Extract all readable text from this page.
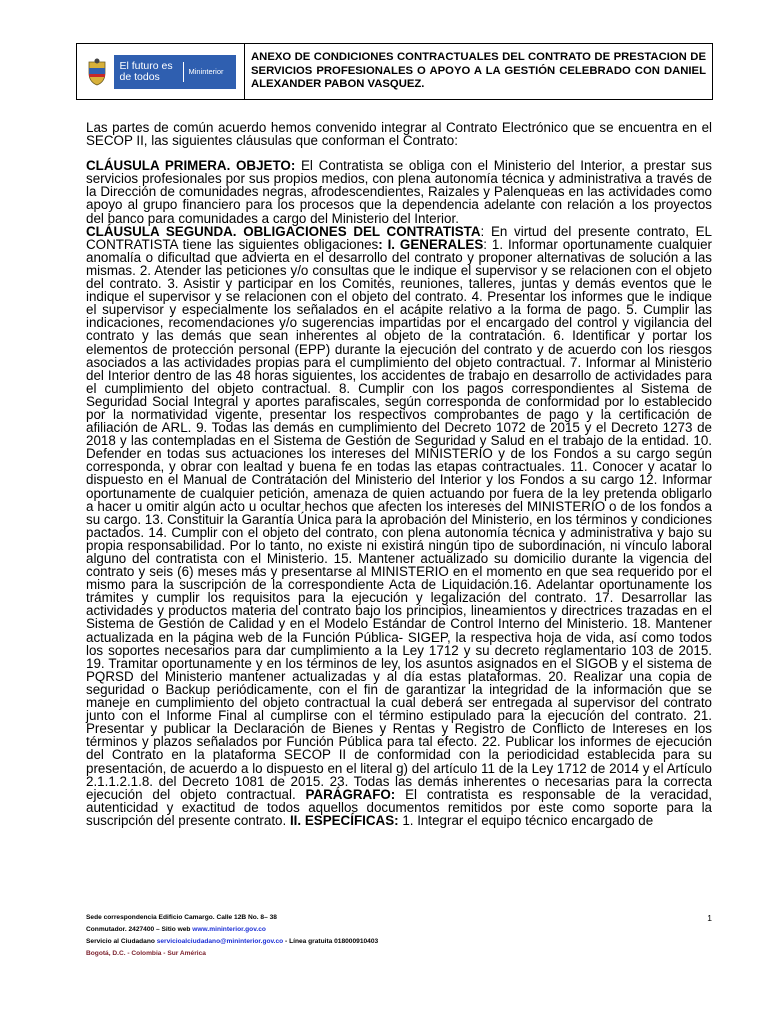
El futuro es de todos	Mininterior
ANEXO DE CONDICIONES CONTRACTUALES DEL CONTRATO DE PRESTACION DE SERVICIOS PROFESIONALES O APOYO A LA GESTIÓN CELEBRADO CON DANIEL ALEXANDER PABON VASQUEZ.

Las partes de común acuerdo hemos convenido integrar al Contrato Electrónico que se encuentra en el SECOP II, las siguientes cláusulas que conforman el Contrato:

CLÁUSULA PRIMERA. OBJETO: El Contratista se obliga con el Ministerio del Interior, a prestar sus servicios profesionales por sus propios medios, con plena autonomía técnica y administrativa a través de la Dirección de comunidades negras, afrodescendientes, Raizales y Palenqueas en las actividades como apoyo al grupo financiero para los procesos que la dependencia adelante con relación a los proyectos del banco para comunidades a cargo del Ministerio del Interior.

CLÁUSULA SEGUNDA. OBLIGACIONES DEL CONTRATISTA: En virtud del presente contrato, EL CONTRATISTA tiene las siguientes obligaciones: I. GENERALES: 1. Informar oportunamente cualquier anomalía o dificultad que advierta en el desarrollo del contrato y proponer alternativas de solución a las mismas. 2. Atender las peticiones y/o consultas que le indique el supervisor y se relacionen con el objeto del contrato. 3. Asistir y participar en los Comités, reuniones, talleres, juntas y demás eventos que le indique el supervisor y se relacionen con el objeto del contrato. 4. Presentar los informes que le indique el supervisor y especialmente los señalados en el acápite relativo a la forma de pago. 5. Cumplir las indicaciones, recomendaciones y/o sugerencias impartidas por el encargado del control y vigilancia del contrato y las demás que sean inherentes al objeto de la contratación. 6. Identificar y portar los elementos de protección personal (EPP) durante la ejecución del contrato y de acuerdo con los riesgos asociados a las actividades propias para el cumplimiento del objeto contractual. 7. Informar al Ministerio del Interior dentro de las 48 horas siguientes, los accidentes de trabajo en desarrollo de actividades para el cumplimiento del objeto contractual. 8. Cumplir con los pagos correspondientes al Sistema de Seguridad Social Integral y aportes parafiscales, según corresponda de conformidad por lo establecido por la normatividad vigente, presentar los respectivos comprobantes de pago y la certificación de afiliación de ARL. 9. Todas las demás en cumplimiento del Decreto 1072 de 2015 y el Decreto 1273 de 2018 y las contempladas en el Sistema de Gestión de Seguridad y Salud en el trabajo de la entidad. 10. Defender en todas sus actuaciones los intereses del MINISTERIO y de los Fondos a su cargo según corresponda, y obrar con lealtad y buena fe en todas las etapas contractuales. 11. Conocer y acatar lo dispuesto en el Manual de Contratación del Ministerio del Interior y los Fondos a su cargo 12. Informar oportunamente de cualquier petición, amenaza de quien actuando por fuera de la ley pretenda obligarlo a hacer u omitir algún acto u ocultar hechos que afecten los intereses del MINISTERIO o de los fondos a su cargo. 13. Constituir la Garantía Única para la aprobación del Ministerio, en los términos y condiciones pactados. 14. Cumplir con el objeto del contrato, con plena autonomía técnica y administrativa y bajo su propia responsabilidad. Por lo tanto, no existe ni existirá ningún tipo de subordinación, ni vínculo laboral alguno del contratista con el Ministerio. 15. Mantener actualizado su domicilio durante la vigencia del contrato y seis (6) meses más y presentarse al MINISTERIO en el momento en que sea requerido por el mismo para la suscripción de la correspondiente Acta de Liquidación.16. Adelantar oportunamente los trámites y cumplir los requisitos para la ejecución y legalización del contrato. 17. Desarrollar las actividades y productos materia del contrato bajo los principios, lineamientos y directrices trazadas en el Sistema de Gestión de Calidad y en el Modelo Estándar de Control Interno del Ministerio. 18. Mantener actualizada en la página web de la Función Pública- SIGEP, la respectiva hoja de vida, así como todos los soportes necesarios para dar cumplimiento a la Ley 1712 y su decreto reglamentario 103 de 2015. 19. Tramitar oportunamente y en los términos de ley, los asuntos asignados en el SIGOB y el sistema de PQRSD del Ministerio mantener actualizadas y al día estas plataformas. 20. Realizar una copia de seguridad o Backup periódicamente, con el fin de garantizar la integridad de la información que se maneje en cumplimiento del objeto contractual la cual deberá ser entregada al supervisor del contrato junto con el Informe Final al cumplirse con el término estipulado para la ejecución del contrato. 21. Presentar y publicar la Declaración de Bienes y Rentas y Registro de Conflicto de Intereses en los términos y plazos señalados por Función Pública para tal efecto. 22. Publicar los informes de ejecución del Contrato en la plataforma SECOP II de conformidad con la periodicidad establecida para su presentación, de acuerdo a lo dispuesto en el literal g) del artículo 11 de la Ley 1712 de 2014 y el Artículo 2.1.1.2.1.8. del Decreto 1081 de 2015. 23. Todas las demás inherentes o necesarias para la correcta ejecución del objeto contractual. PARÁGRAFO: El contratista es responsable de la veracidad, autenticidad y exactitud de todos aquellos documentos remitidos por este como soporte para la suscripción del presente contrato. II. ESPECÍFICAS: 1. Integrar el equipo técnico encargado de

1
Sede correspondencia Edificio Camargo. Calle 12B No. 8– 38
Conmutador. 2427400 – Sitio web www.mininterior.gov.co
Servicio al Ciudadano servicioalciudadano@mininterior.gov.co - Línea gratuita 018000910403
Bogotá, D.C. - Colombia - Sur América
